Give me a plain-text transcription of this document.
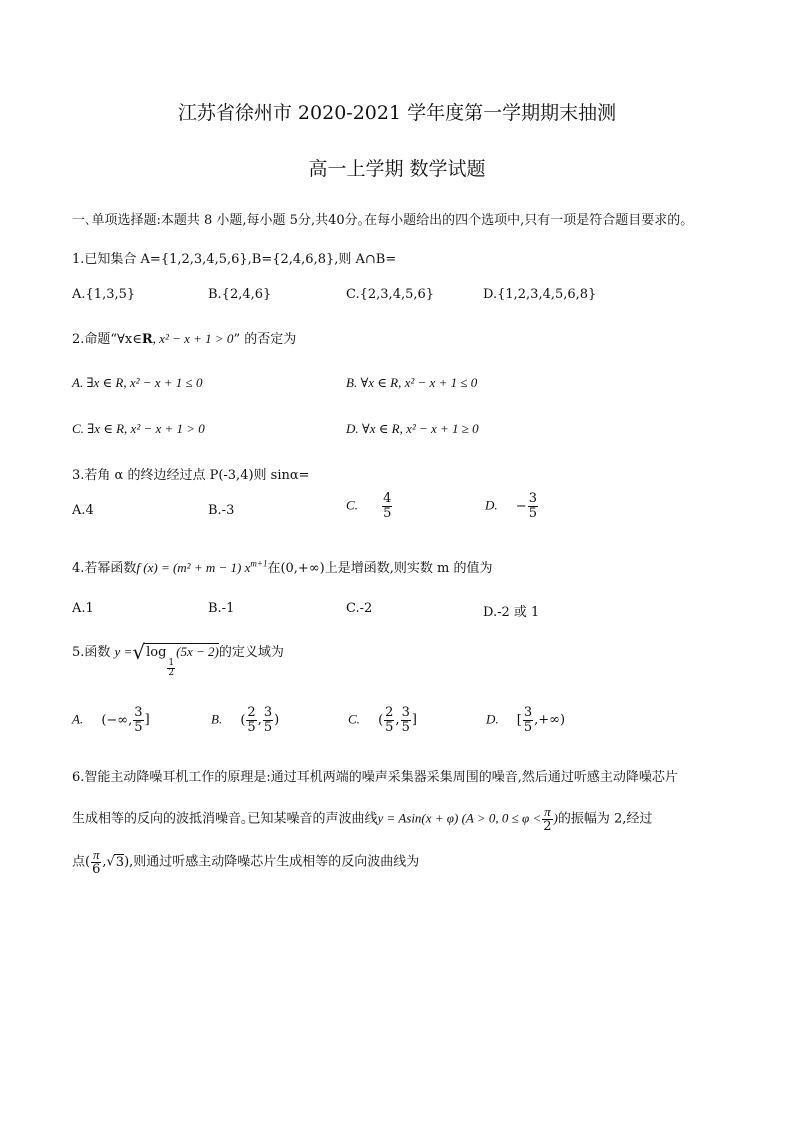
江苏省徐州市 2020-2021 学年度第一学期期末抽测
高一上学期 数学试题
一､单项选择题:本题共 8 小题,每小题 5分,共40分｡在每小题给出的四个选项中,只有一项是符合题目要求的｡
1.已知集合 A={1,2,3,4,5,6},B={2,4,6,8},则 A∩B=
A.{1,3,5}	B.{2,4,6}	C.{2,3,4,5,6}	D.{1,2,3,4,5,6,8}
2.命题“∀x∈R, x² − x + 1 > 0” 的否定为
A. ∃x ∈ R, x² − x + 1 ≤ 0	B. ∀x ∈ R, x² − x + 1 ≤ 0
C. ∃x ∈ R, x² − x + 1 > 0	D. ∀x ∈ R, x² − x + 1 ≥ 0
3.若角 α 的终边经过点 P(-3,4)则 sinα=
A.4	B.-3	C. $\frac{4}{5}$	D. − $\frac{3}{5}$
4.若幂函数f (x) = (m² + m − 1) $x^{m+1}$在(0,+∞)上是增函数,则实数 m 的值为
A.1	B.-1	C.-2	D.-2 或 1
5.函数 y =√log
$\frac{1}{2}$
(5x − 2)的定义域为
A. (−∞, $\frac{3}{5}$ ]	B. ( $\frac{2}{5}$ , $\frac{3}{5}$ )	C. ( $\frac{2}{5}$ , $\frac{3}{5}$ ]	D. [ $\frac{3}{5}$ ,+∞)
6.智能主动降噪耳机工作的原理是:通过耳机两端的噪声采集器采集周围的噪音,然后通过听感主动降噪芯片
生成相等的反向的波抵消噪音｡已知某噪音的声波曲线y = Asin(x + φ) (A > 0, $0 \le \varphi < \frac{\pi}{2}$ )的振幅为 2,经过
点( $\frac{\pi}{6} ,√3$),则通过听感主动降噪芯片生成相等的反向波曲线为
